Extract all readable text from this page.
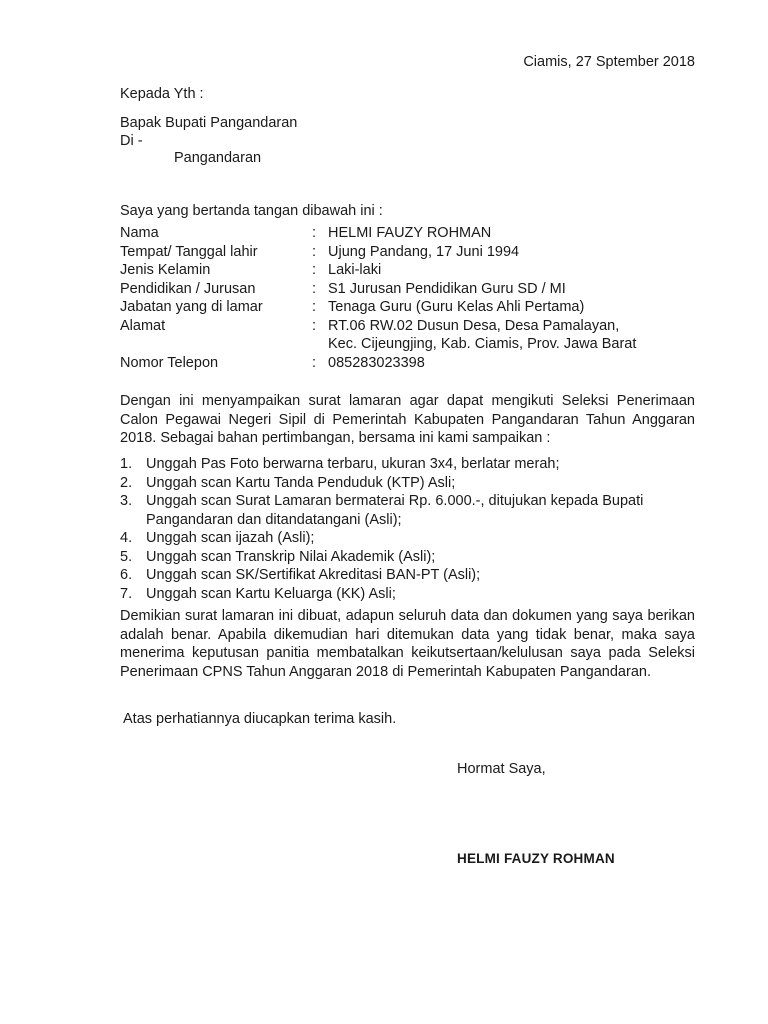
Ciamis, 27 Sptember 2018
Kepada Yth :
Bapak Bupati Pangandaran
Di -
Pangandaran
Saya yang bertanda tangan dibawah ini :
Nama	: HELMI FAUZY ROHMAN
Tempat/ Tanggal lahir	: Ujung Pandang, 17 Juni 1994
Jenis Kelamin	: Laki-laki
Pendidikan / Jurusan	: S1 Jurusan Pendidikan Guru SD / MI
Jabatan yang di lamar	: Tenaga Guru (Guru Kelas Ahli Pertama)
Alamat	: RT.06 RW.02 Dusun Desa, Desa Pamalayan,
Kec. Cijeungjing, Kab. Ciamis, Prov. Jawa Barat
Nomor Telepon	: 085283023398
Dengan ini menyampaikan surat lamaran agar dapat mengikuti Seleksi Penerimaan Calon Pegawai Negeri Sipil di Pemerintah Kabupaten Pangandaran Tahun Anggaran 2018. Sebagai bahan pertimbangan, bersama ini kami sampaikan :
1. Unggah Pas Foto berwarna terbaru, ukuran 3x4, berlatar merah;
2. Unggah scan Kartu Tanda Penduduk (KTP) Asli;
3. Unggah scan Surat Lamaran bermaterai Rp. 6.000.-, ditujukan kepada Bupati Pangandaran dan ditandatangani (Asli);
4. Unggah scan ijazah (Asli);
5. Unggah scan Transkrip Nilai Akademik (Asli);
6. Unggah scan SK/Sertifikat Akreditasi BAN-PT (Asli);
7. Unggah scan Kartu Keluarga (KK) Asli;
Demikian surat lamaran ini dibuat, adapun seluruh data dan dokumen yang saya berikan adalah benar. Apabila dikemudian hari ditemukan data yang tidak benar, maka saya menerima keputusan panitia membatalkan keikutsertaan/kelulusan saya pada Seleksi Penerimaan CPNS Tahun Anggaran 2018 di Pemerintah Kabupaten Pangandaran.
Atas perhatiannya diucapkan terima kasih.
Hormat Saya,
HELMI FAUZY ROHMAN
